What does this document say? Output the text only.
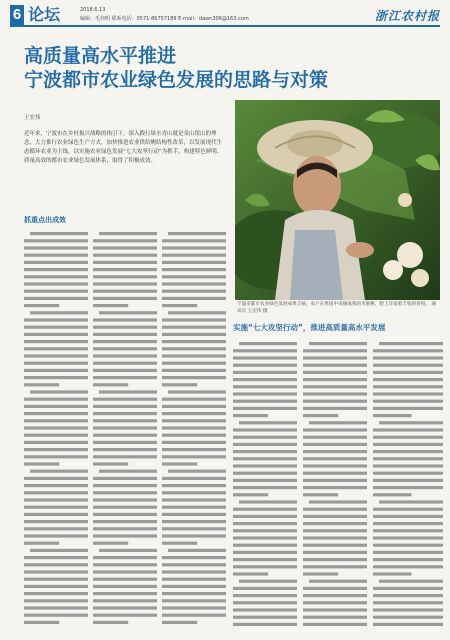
6 论坛	2018.6.13
编辑：毛伟明 联系电话：0571-86757189 E-mail：dawn306@163.com	浙江农村报
高质量高水平推进
宁波都市农业绿色发展的思路与对策
王宏伟
近年来，宁波市在乡村振兴战略的指引下，深入践行绿水青山就是金山银山的理念，大力推行农业绿色生产方式，加快推进农业供给侧结构性改革，以发展现代生态循环农业为主线，以实施农业绿色发展“七大攻坚行动”为抓手，构建特色鲜明、质量高效的都市农业绿色发展体系，取得了积极成效。
宁波市都市农业绿色发展成果丰硕，农户在果园中采摘成熟的水蜜桃，脸上洋溢着丰收的喜悦。 通讯员 王宏伟 摄
抓重点出成效
实施“七大攻坚行动”，推进高质量高水平发展
